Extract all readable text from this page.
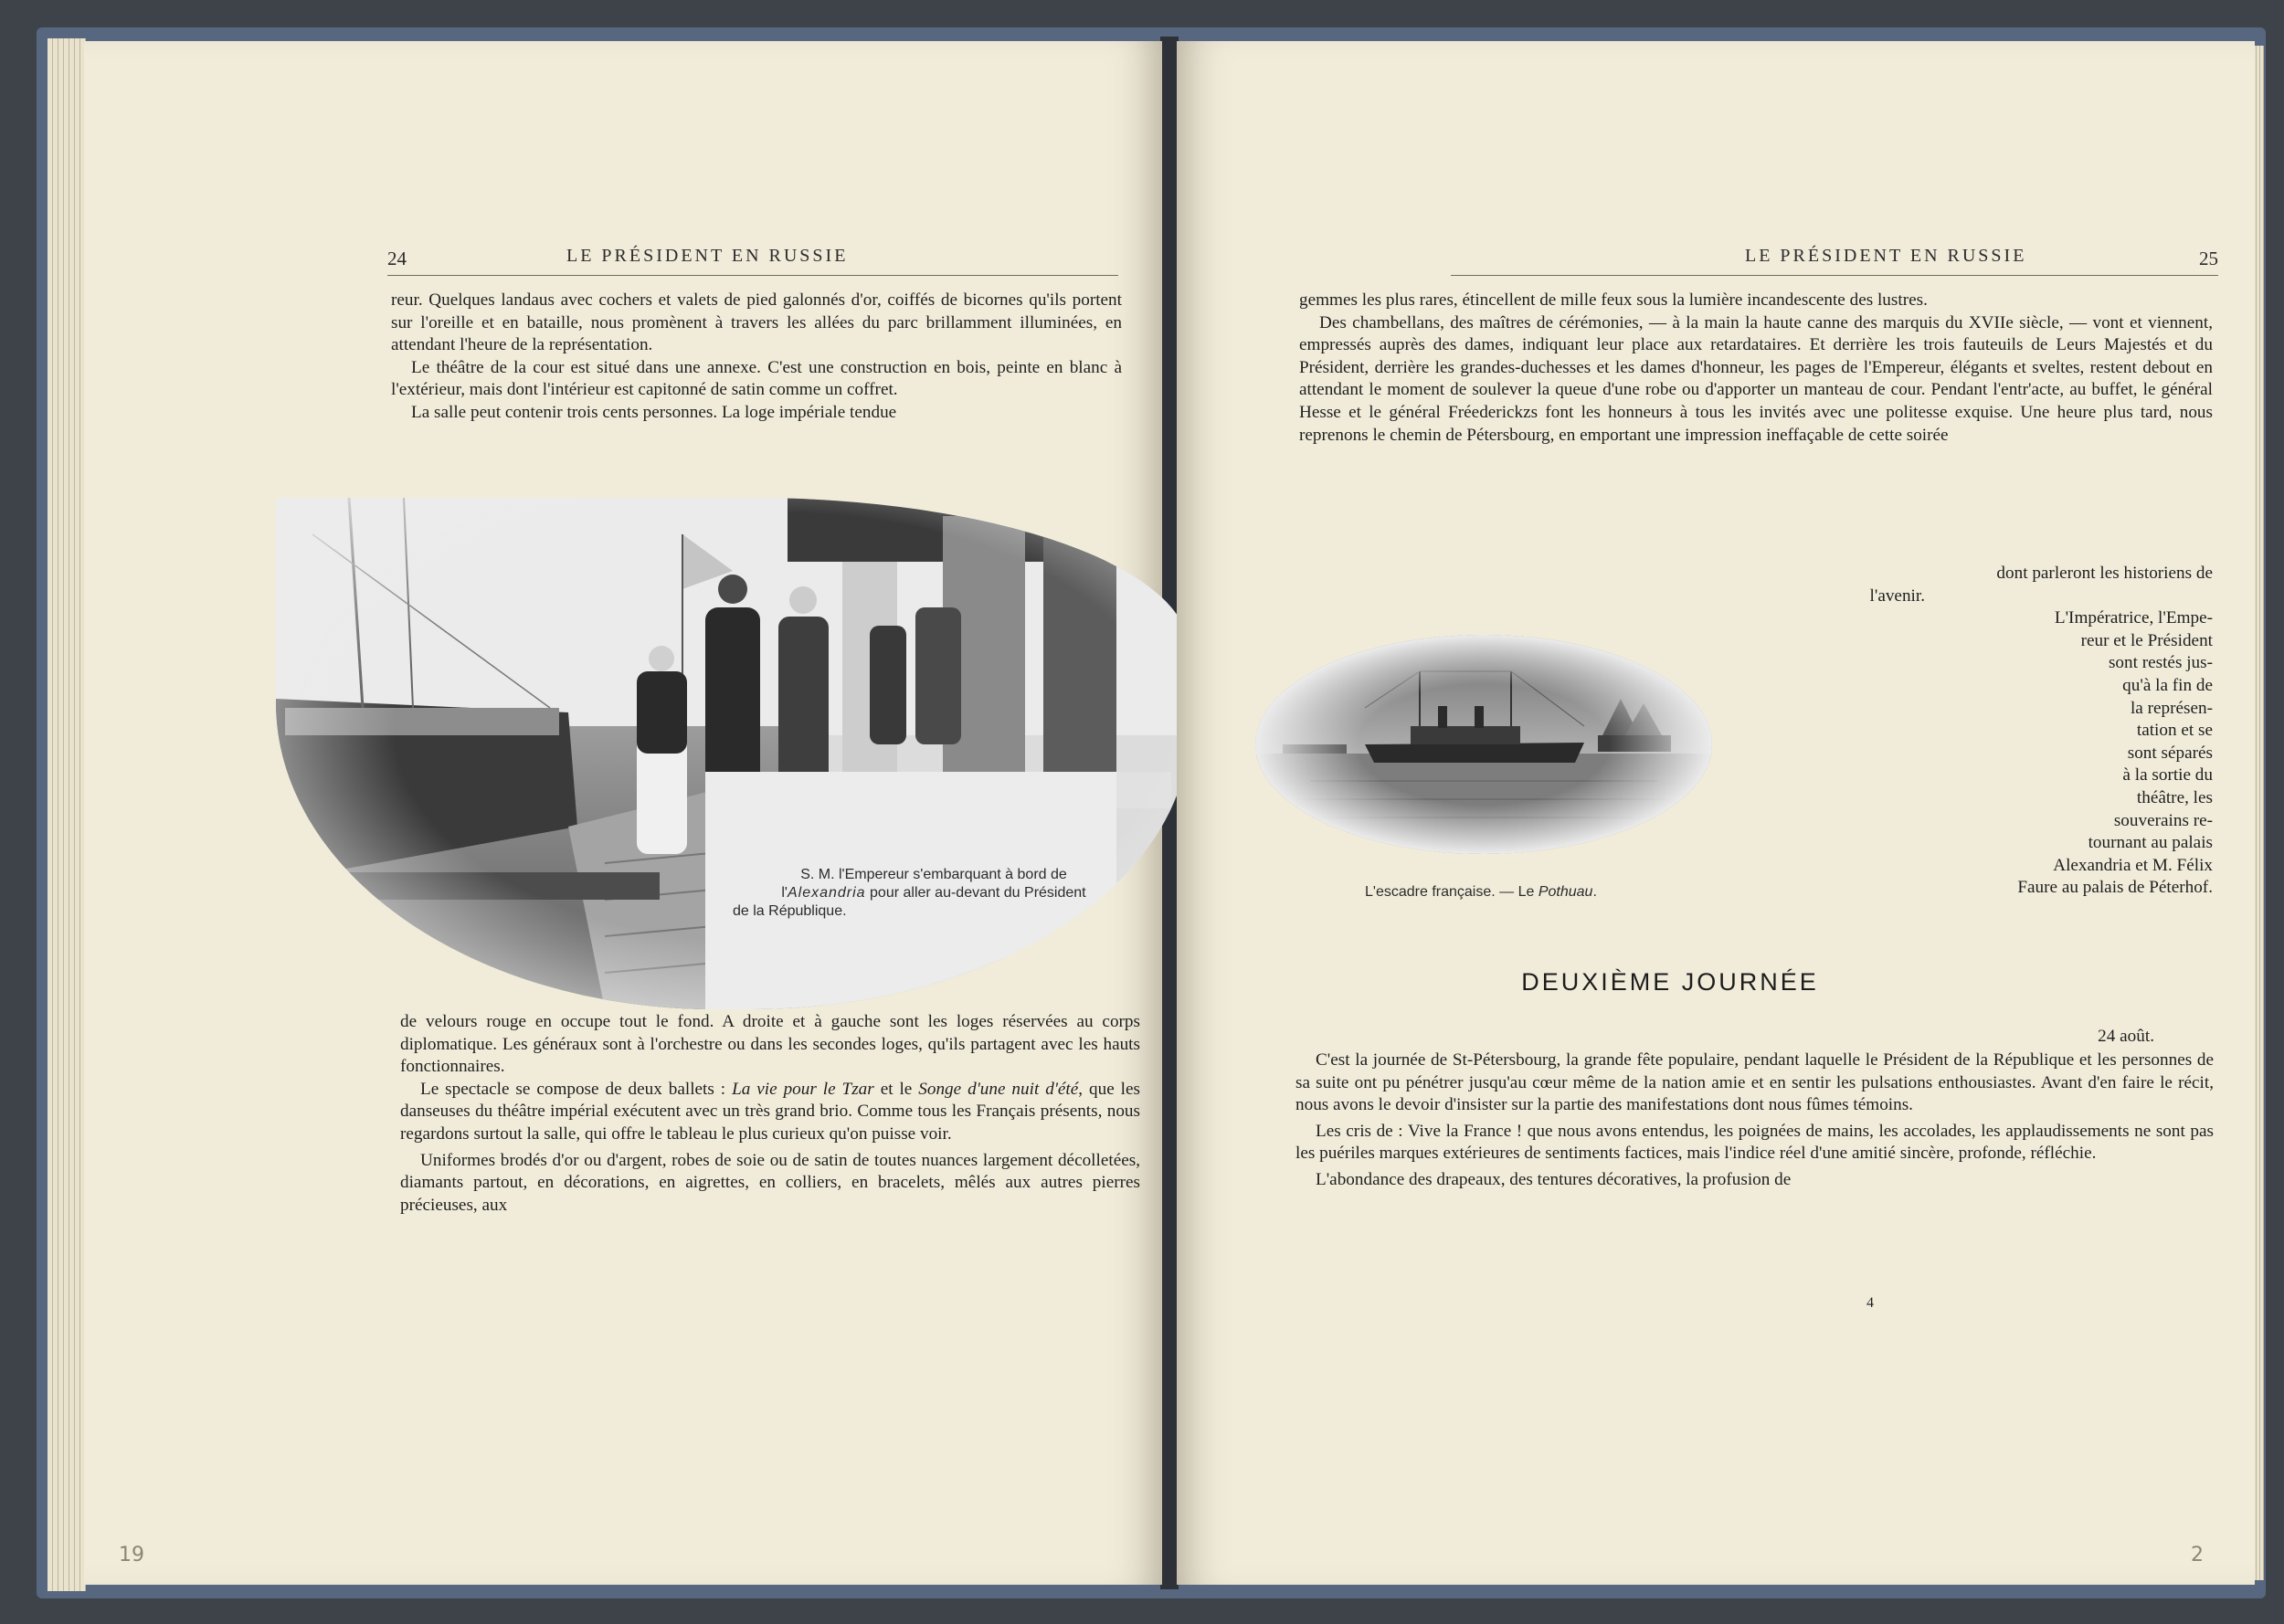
24	LE PRÉSIDENT EN RUSSIE

reur. Quelques landaus avec cochers et valets de pied galonnés d'or, coiffés de bicornes qu'ils portent sur l'oreille et en bataille, nous promènent à travers les allées du parc brillamment illuminées, en attendant l'heure de la représentation.

Le théâtre de la cour est situé dans une annexe. C'est une construction en bois, peinte en blanc à l'extérieur, mais dont l'intérieur est capitonné de satin comme un coffret.

La salle peut contenir trois cents personnes. La loge impériale tendue

S. M. l'Empereur s'embarquant à bord de
l'Alexandria pour aller au-devant du Président
de la République.

de velours rouge en occupe tout le fond. A droite et à gauche sont les loges réservées au corps diplomatique. Les généraux sont à l'orchestre ou dans les secondes loges, qu'ils partagent avec les hauts fonctionnaires.

Le spectacle se compose de deux ballets : La vie pour le Tzar et le Songe d'une nuit d'été, que les danseuses du théâtre impérial exécutent avec un très grand brio. Comme tous les Français présents, nous regardons surtout la salle, qui offre le tableau le plus curieux qu'on puisse voir.

Uniformes brodés d'or ou d'argent, robes de soie ou de satin de toutes nuances largement décolletées, diamants partout, en décorations, en aigrettes, en colliers, en bracelets, mêlés aux autres pierres précieuses, aux

19
LE PRÉSIDENT EN RUSSIE	25

gemmes les plus rares, étincellent de mille feux sous la lumière incandescente des lustres.

Des chambellans, des maîtres de cérémonies, — à la main la haute canne des marquis du XVIIe siècle, — vont et viennent, empressés auprès des dames, indiquant leur place aux retardataires. Et derrière les trois fauteuils de Leurs Majestés et du Président, derrière les grandes-duchesses et les dames d'honneur, les pages de l'Empereur, élégants et sveltes, restent debout en attendant le moment de soulever la queue d'une robe ou d'apporter un manteau de cour. Pendant l'entr'acte, au buffet, le général Hesse et le général Fréederickzs font les honneurs à tous les invités avec une politesse exquise. Une heure plus tard, nous reprenons le chemin de Pétersbourg, en emportant une impression ineffaçable de cette soirée

dont parleront les historiens de
l'avenir.
L'Impératrice, l'Empe-
reur et le Président
sont restés jus-
qu'à la fin de
la représen-
tation et se
sont séparés
à la sortie du
théâtre, les
souverains re-
tournant au palais
Alexandria et M. Félix
Faure au palais de Péterhof.
L'escadre française. — Le Pothuau.
DEUXIÈME JOURNÉE
24 août.

C'est la journée de St-Pétersbourg, la grande fête populaire, pendant laquelle le Président de la République et les personnes de sa suite ont pu pénétrer jusqu'au cœur même de la nation amie et en sentir les pulsations enthousiastes. Avant d'en faire le récit, nous avons le devoir d'insister sur la partie des manifestations dont nous fûmes témoins.

Les cris de : Vive la France ! que nous avons entendus, les poignées de mains, les accolades, les applaudissements ne sont pas les puériles marques extérieures de sentiments factices, mais l'indice réel d'une amitié sincère, profonde, réfléchie.

L'abondance des drapeaux, des tentures décoratives, la profusion de

4
2
